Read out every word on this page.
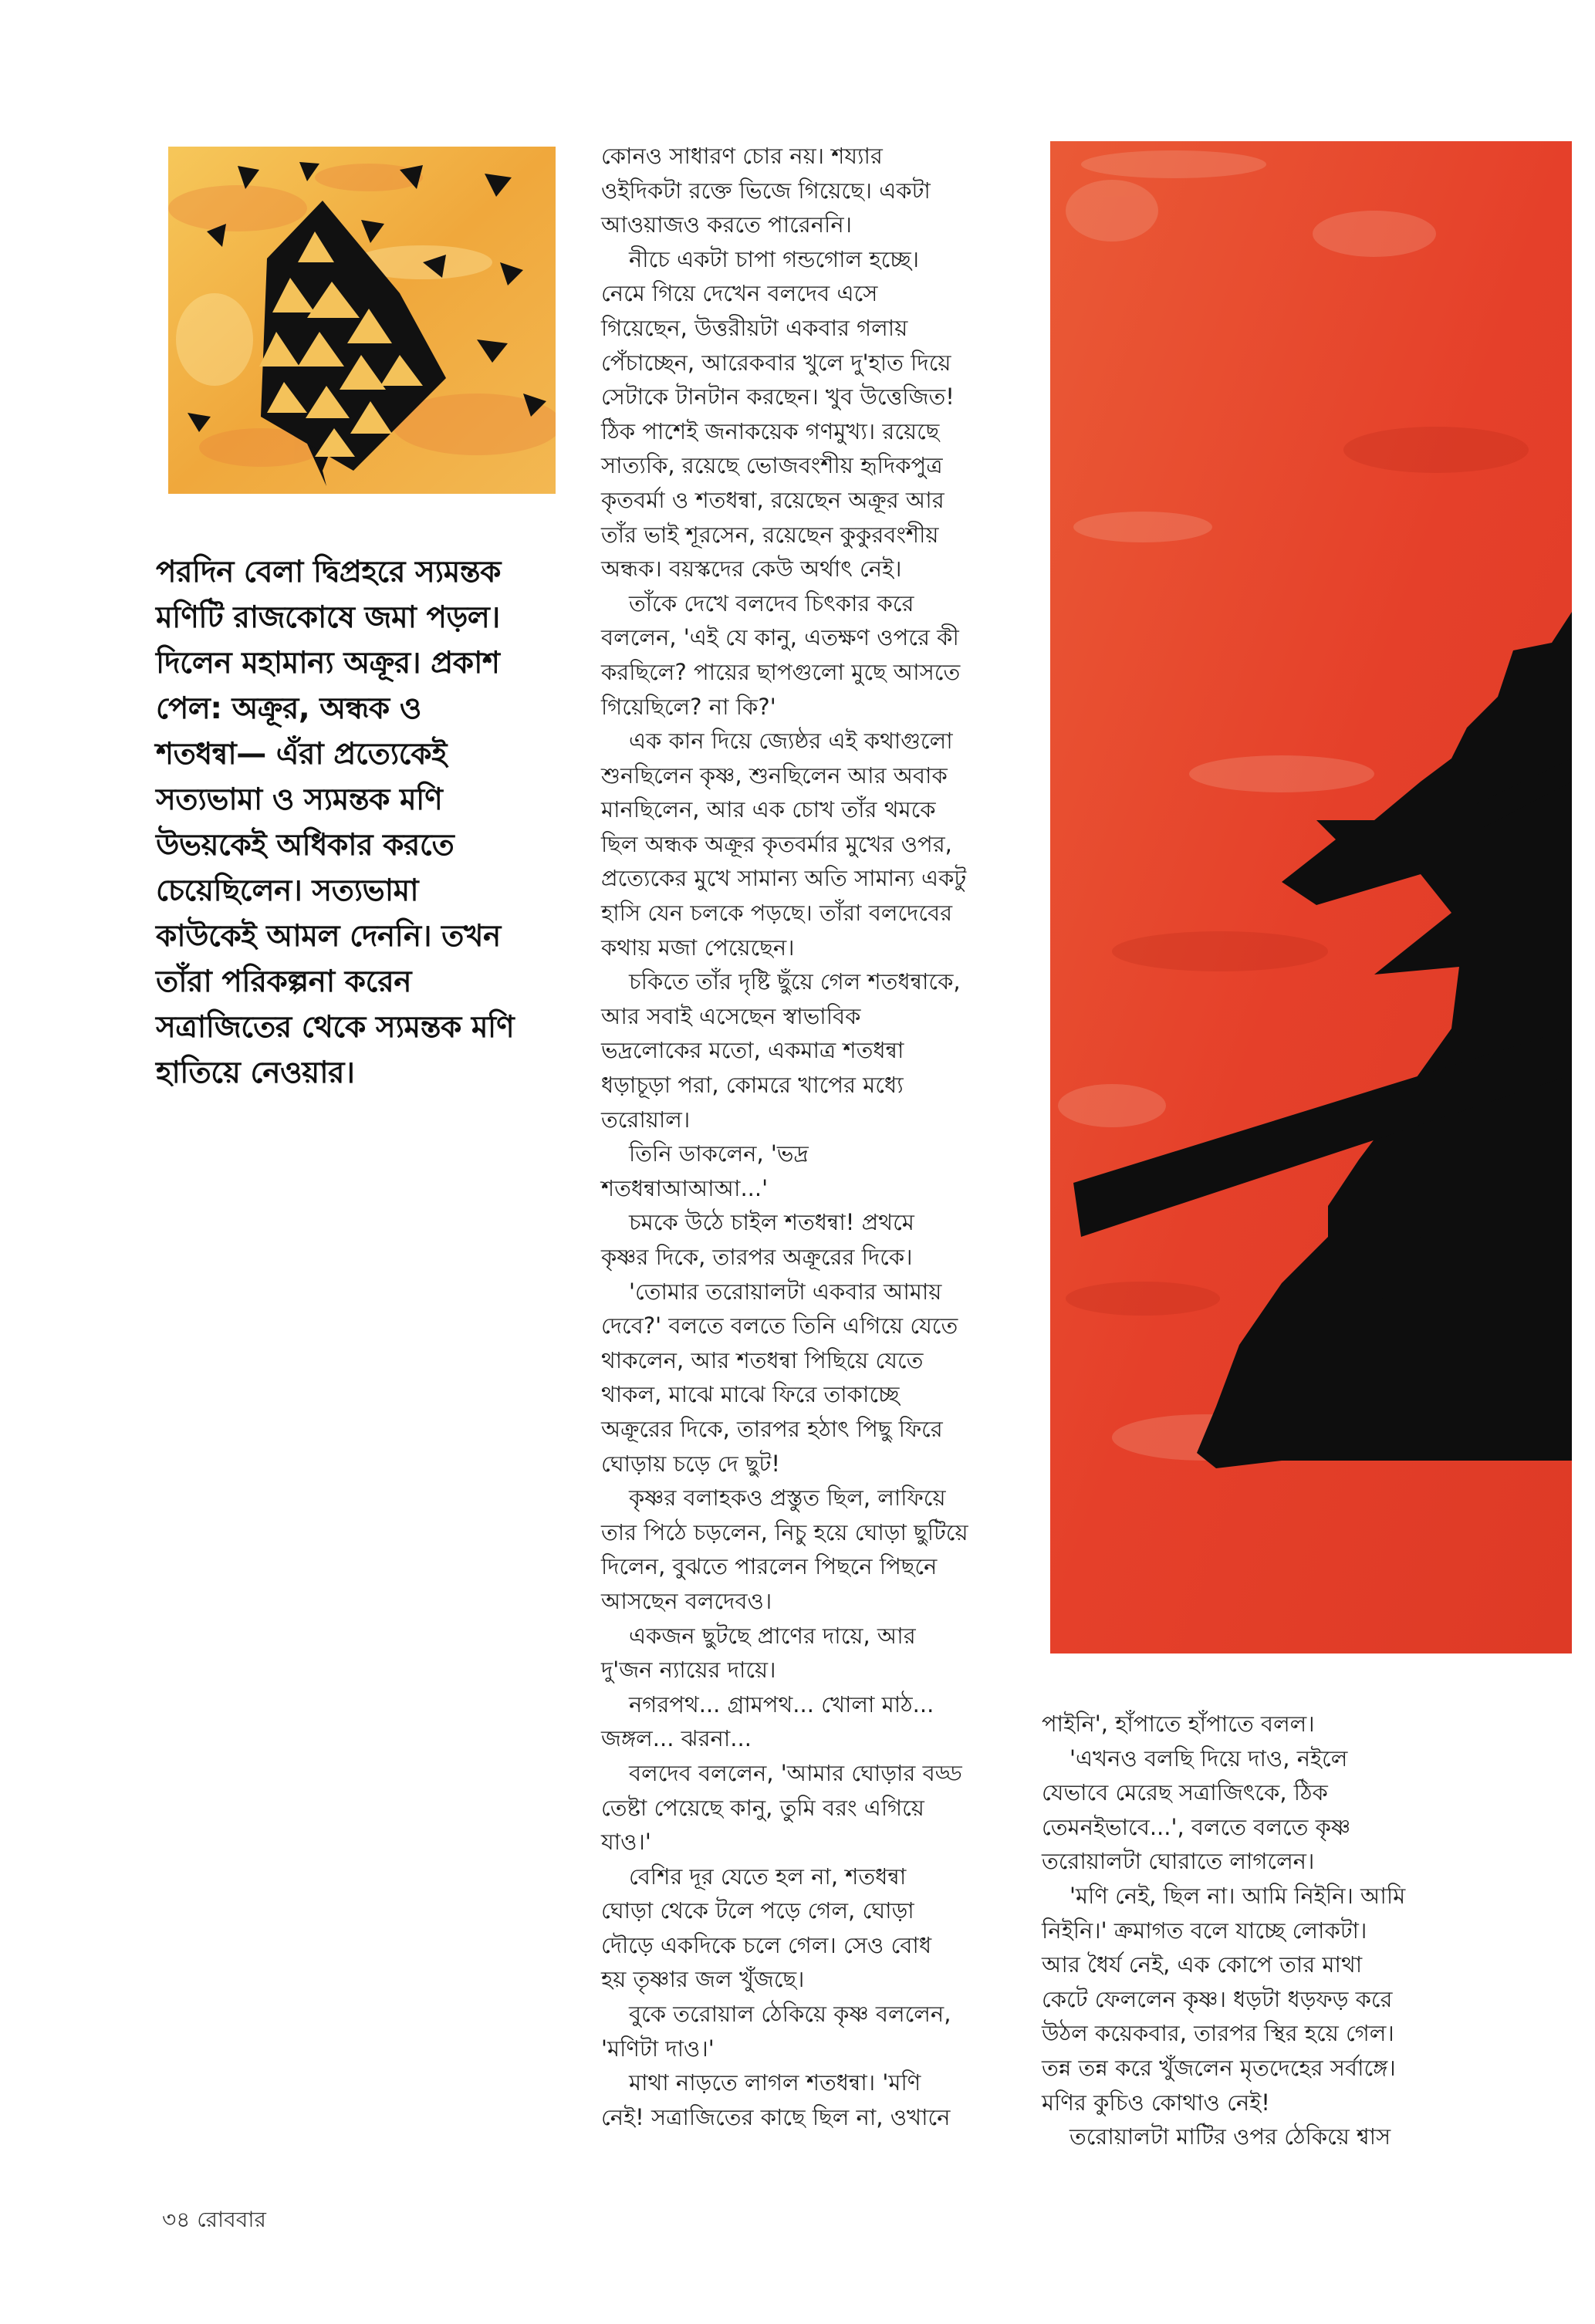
পরদিন বেলা দ্বিপ্রহরে স্যমন্তক
মণিটি রাজকোষে জমা পড়ল।
দিলেন মহামান্য অক্রূর। প্রকাশ
পেল: অক্রূর, অন্ধক ও
শতধন্বা— এঁরা প্রত্যেকেই
সত্যভামা ও স্যমন্তক মণি
উভয়কেই অধিকার করতে
চেয়েছিলেন। সত্যভামা
কাউকেই আমল দেননি। তখন
তাঁরা পরিকল্পনা করেন
সত্রাজিতের থেকে স্যমন্তক মণি
হাতিয়ে নেওয়ার।

কোনও সাধারণ চোর নয়। শয্যার

ওইদিকটা রক্তে ভিজে গিয়েছে। একটা

আওয়াজও করতে পারেননি।

নীচে একটা চাপা গন্ডগোল হচ্ছে।

নেমে গিয়ে দেখেন বলদেব এসে

গিয়েছেন, উত্তরীয়টা একবার গলায়

পেঁচাচ্ছেন, আরেকবার খুলে দু'হাত দিয়ে

সেটাকে টানটান করছেন। খুব উত্তেজিত!

ঠিক পাশেই জনাকয়েক গণমুখ্য। রয়েছে

সাত্যকি, রয়েছে ভোজবংশীয় হৃদিকপুত্র

কৃতবর্মা ও শতধন্বা, রয়েছেন অক্রূর আর

তাঁর ভাই শূরসেন, রয়েছেন কুকুরবংশীয়

অন্ধক। বয়স্কদের কেউ অর্থাৎ নেই।

তাঁকে দেখে বলদেব চিৎকার করে

বললেন, 'এই যে কানু, এতক্ষণ ওপরে কী

করছিলে? পায়ের ছাপগুলো মুছে আসতে

গিয়েছিলে? না কি?'

এক কান দিয়ে জ্যেষ্ঠর এই কথাগুলো

শুনছিলেন কৃষ্ণ, শুনছিলেন আর অবাক

মানছিলেন, আর এক চোখ তাঁর থমকে

ছিল অন্ধক অক্রূর কৃতবর্মার মুখের ওপর,

প্রত্যেকের মুখে সামান্য অতি সামান্য একটু

হাসি যেন চলকে পড়ছে। তাঁরা বলদেবের

কথায় মজা পেয়েছেন।

চকিতে তাঁর দৃষ্টি ছুঁয়ে গেল শতধন্বাকে,

আর সবাই এসেছেন স্বাভাবিক

ভদ্রলোকের মতো, একমাত্র শতধন্বা

ধড়াচূড়া পরা, কোমরে খাপের মধ্যে

তরোয়াল।

তিনি ডাকলেন, 'ভদ্র

শতধন্বাআআআ...'

চমকে উঠে চাইল শতধন্বা! প্রথমে

কৃষ্ণর দিকে, তারপর অক্রূরের দিকে।

'তোমার তরোয়ালটা একবার আমায়

দেবে?' বলতে বলতে তিনি এগিয়ে যেতে

থাকলেন, আর শতধন্বা পিছিয়ে যেতে

থাকল, মাঝে মাঝে ফিরে তাকাচ্ছে

অক্রূরের দিকে, তারপর হঠাৎ পিছু ফিরে

ঘোড়ায় চড়ে দে ছুট!

কৃষ্ণর বলাহকও প্রস্তুত ছিল, লাফিয়ে

তার পিঠে চড়লেন, নিচু হয়ে ঘোড়া ছুটিয়ে

দিলেন, বুঝতে পারলেন পিছনে পিছনে

আসছেন বলদেবও।

একজন ছুটছে প্রাণের দায়ে, আর

দু'জন ন্যায়ের দায়ে।

নগরপথ... গ্রামপথ... খোলা মাঠ...

জঙ্গল... ঝরনা...

বলদেব বললেন, 'আমার ঘোড়ার বড্ড

তেষ্টা পেয়েছে কানু, তুমি বরং এগিয়ে

যাও।'

বেশির দূর যেতে হল না, শতধন্বা

ঘোড়া থেকে টলে পড়ে গেল, ঘোড়া

দৌড়ে একদিকে চলে গেল। সেও বোধ

হয় তৃষ্ণার জল খুঁজছে।

বুকে তরোয়াল ঠেকিয়ে কৃষ্ণ বললেন,

'মণিটা দাও।'

মাথা নাড়তে লাগল শতধন্বা। 'মণি

নেই! সত্রাজিতের কাছে ছিল না, ওখানে

পাইনি', হাঁপাতে হাঁপাতে বলল।

'এখনও বলছি দিয়ে দাও, নইলে

যেভাবে মেরেছ সত্রাজিৎকে, ঠিক

তেমনইভাবে...', বলতে বলতে কৃষ্ণ

তরোয়ালটা ঘোরাতে লাগলেন।

'মণি নেই, ছিল না। আমি নিইনি। আমি

নিইনি।' ক্রমাগত বলে যাচ্ছে লোকটা।

আর ধৈর্য নেই, এক কোপে তার মাথা

কেটে ফেললেন কৃষ্ণ। ধড়টা ধড়ফড় করে

উঠল কয়েকবার, তারপর স্থির হয়ে গেল।

তন্ন তন্ন করে খুঁজলেন মৃতদেহের সর্বাঙ্গে।

মণির কুচিও কোথাও নেই!

তরোয়ালটা মাটির ওপর ঠেকিয়ে শ্বাস

৩৪ রোববার
